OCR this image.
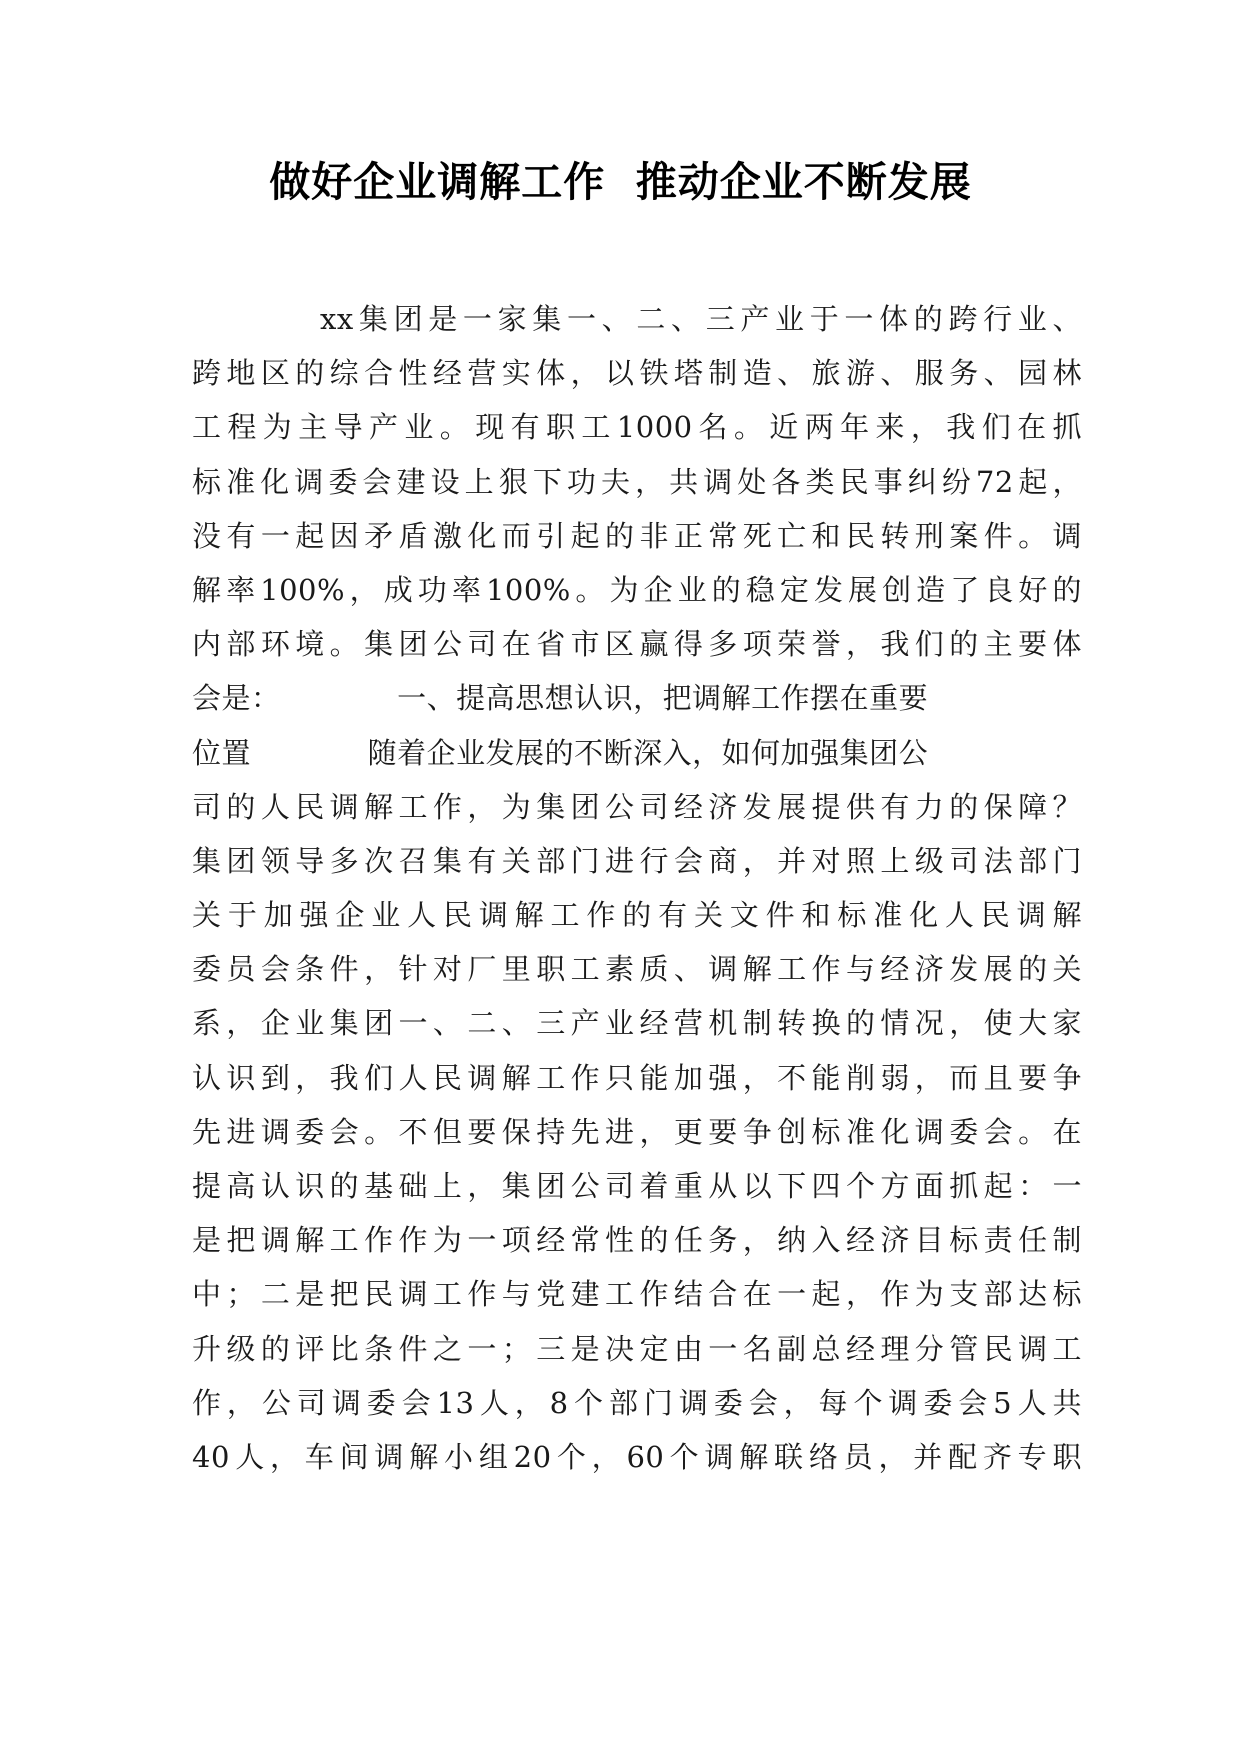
做好企业调解工作  推动企业不断发展
xx集团是一家集一、二、三产业于一体的跨行业、
跨地区的综合性经营实体，以铁塔制造、旅游、服务、园林
工程为主导产业。现有职工1000名。近两年来，我们在抓
标准化调委会建设上狠下功夫，共调处各类民事纠纷72起，
没有一起因矛盾激化而引起的非正常死亡和民转刑案件。调
解率100%，成功率100%。为企业的稳定发展创造了良好的
内部环境。集团公司在省市区赢得多项荣誉，我们的主要体
会是：            一、提高思想认识，把调解工作摆在重要
位置            随着企业发展的不断深入，如何加强集团公
司的人民调解工作，为集团公司经济发展提供有力的保障？
集团领导多次召集有关部门进行会商，并对照上级司法部门
关于加强企业人民调解工作的有关文件和标准化人民调解
委员会条件，针对厂里职工素质、调解工作与经济发展的关
系，企业集团一、二、三产业经营机制转换的情况，使大家
认识到，我们人民调解工作只能加强，不能削弱，而且要争
先进调委会。不但要保持先进，更要争创标准化调委会。在
提高认识的基础上，集团公司着重从以下四个方面抓起：一
是把调解工作作为一项经常性的任务，纳入经济目标责任制
中；二是把民调工作与党建工作结合在一起，作为支部达标
升级的评比条件之一；三是决定由一名副总经理分管民调工
作，公司调委会13人，8个部门调委会，每个调委会5人共
40人，车间调解小组20个，60个调解联络员，并配齐专职
